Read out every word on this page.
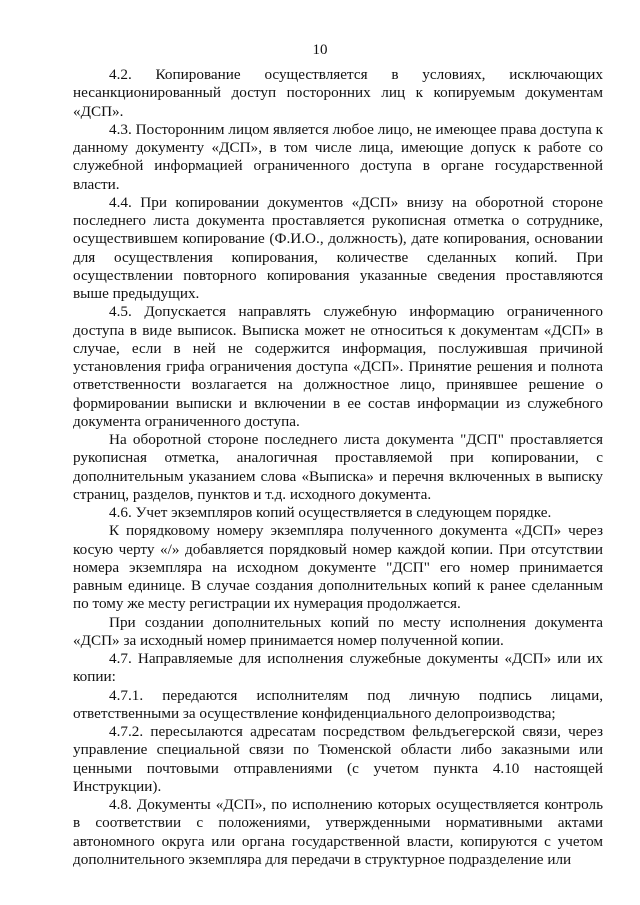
10

4.2. Копирование осуществляется в условиях, исключающих несанкционированный доступ посторонних лиц к копируемым документам «ДСП».

4.3. Посторонним лицом является любое лицо, не имеющее права доступа к данному документу «ДСП», в том числе лица, имеющие допуск к работе со служебной информацией ограниченного доступа в органе государственной власти.

4.4. При копировании документов «ДСП» внизу на оборотной стороне последнего листа документа проставляется рукописная отметка о сотруднике, осуществившем копирование (Ф.И.О., должность), дате копирования, основании для осуществления копирования, количестве сделанных копий. При осуществлении повторного копирования указанные сведения проставляются выше предыдущих.

4.5. Допускается направлять служебную информацию ограниченного доступа в виде выписок. Выписка может не относиться к документам «ДСП» в случае, если в ней не содержится информация, послужившая причиной установления грифа ограничения доступа «ДСП». Принятие решения и полнота ответственности возлагается на должностное лицо, принявшее решение о формировании выписки и включении в ее состав информации из служебного документа ограниченного доступа.

На оборотной стороне последнего листа документа "ДСП" проставляется рукописная отметка, аналогичная проставляемой при копировании, с дополнительным указанием слова «Выписка» и перечня включенных в выписку страниц, разделов, пунктов и т.д. исходного документа.

4.6. Учет экземпляров копий осуществляется в следующем порядке.

К порядковому номеру экземпляра полученного документа «ДСП» через косую черту «/» добавляется порядковый номер каждой копии. При отсутствии номера экземпляра на исходном документе "ДСП" его номер принимается равным единице. В случае создания дополнительных копий к ранее сделанным по тому же месту регистрации их нумерация продолжается.

При создании дополнительных копий по месту исполнения документа «ДСП» за исходный номер принимается номер полученной копии.

4.7. Направляемые для исполнения служебные документы «ДСП» или их копии:

4.7.1. передаются исполнителям под личную подпись лицами, ответственными за осуществление конфиденциального делопроизводства;

4.7.2. пересылаются адресатам посредством фельдъегерской связи, через управление специальной связи по Тюменской области либо заказными или ценными почтовыми отправлениями (с учетом пункта 4.10 настоящей Инструкции).

4.8. Документы «ДСП», по исполнению которых осуществляется контроль в соответствии с положениями, утвержденными нормативными актами автономного округа или органа государственной власти, копируются с учетом дополнительного экземпляра для передачи в структурное подразделение или
